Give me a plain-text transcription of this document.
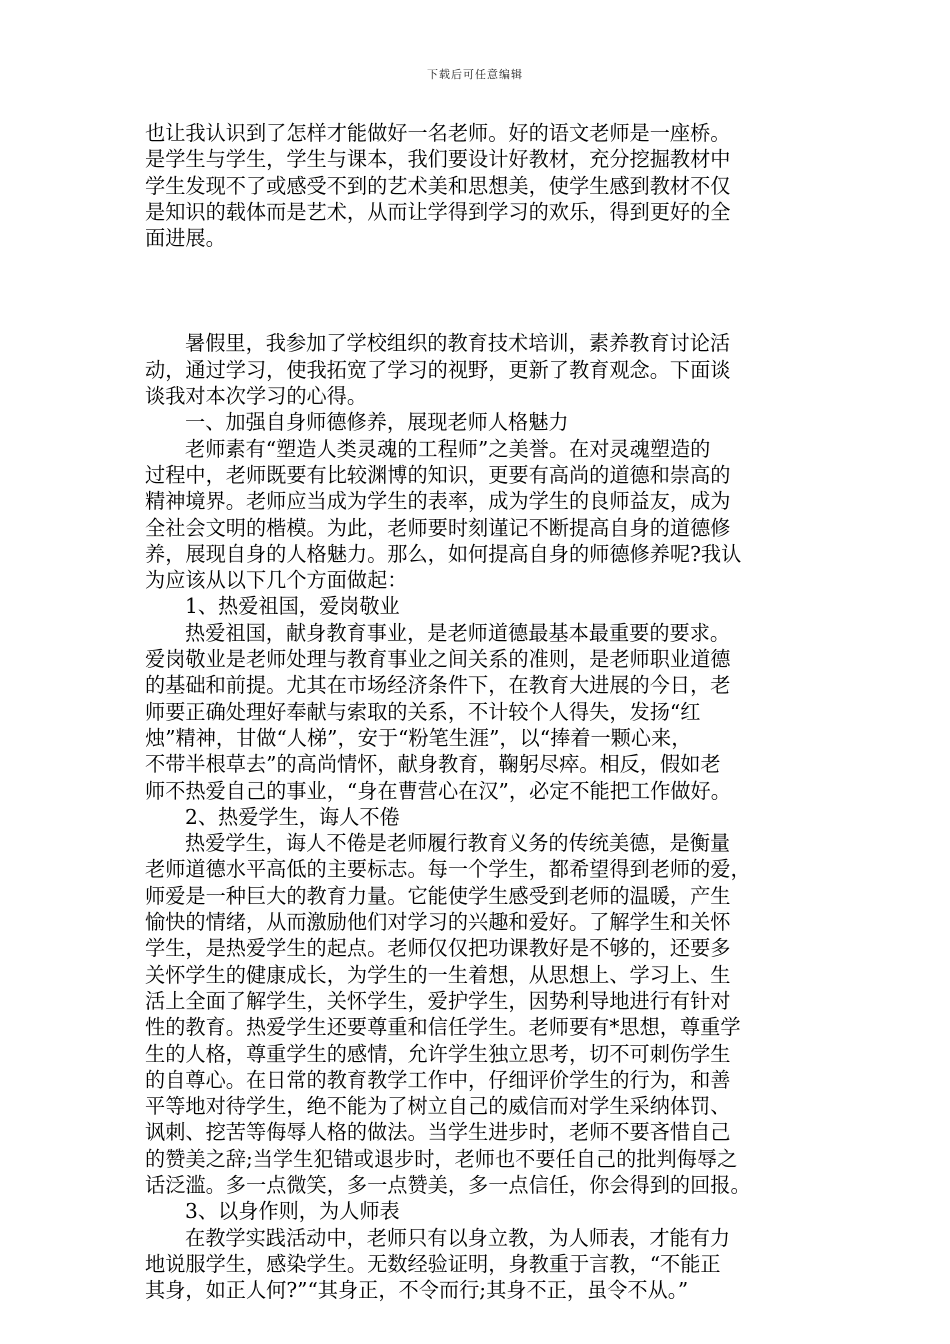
下载后可任意编辑
也让我认识到了怎样才能做好一名老师。好的语文老师是一座桥。
是学生与学生，学生与课本，我们要设计好教材，充分挖掘教材中
学生发现不了或感受不到的艺术美和思想美，使学生感到教材不仅
是知识的载体而是艺术，从而让学得到学习的欢乐，得到更好的全
面进展。
暑假里，我参加了学校组织的教育技术培训，素养教育讨论活
动，通过学习，使我拓宽了学习的视野，更新了教育观念。下面谈
谈我对本次学习的心得。
一、加强自身师德修养，展现老师人格魅力
老师素有“塑造人类灵魂的工程师”之美誉。在对灵魂塑造的
过程中，老师既要有比较渊博的知识，更要有高尚的道德和崇高的
精神境界。老师应当成为学生的表率，成为学生的良师益友，成为
全社会文明的楷模。为此，老师要时刻谨记不断提高自身的道德修
养，展现自身的人格魅力。那么，如何提高自身的师德修养呢?我认
为应该从以下几个方面做起：
1、热爱祖国，爱岗敬业
热爱祖国，献身教育事业，是老师道德最基本最重要的要求。
爱岗敬业是老师处理与教育事业之间关系的准则，是老师职业道德
的基础和前提。尤其在市场经济条件下，在教育大进展的今日，老
师要正确处理好奉献与索取的关系，不计较个人得失，发扬“红
烛”精神，甘做“人梯”，安于“粉笔生涯”，以“捧着一颗心来，
不带半根草去”的高尚情怀，献身教育，鞠躬尽瘁。相反，假如老
师不热爱自己的事业，“身在曹营心在汉”，必定不能把工作做好。
2、热爱学生，诲人不倦
热爱学生，诲人不倦是老师履行教育义务的传统美德，是衡量
老师道德水平高低的主要标志。每一个学生，都希望得到老师的爱，
师爱是一种巨大的教育力量。它能使学生感受到老师的温暖，产生
愉快的情绪，从而激励他们对学习的兴趣和爱好。了解学生和关怀
学生，是热爱学生的起点。老师仅仅把功课教好是不够的，还要多
关怀学生的健康成长，为学生的一生着想，从思想上、学习上、生
活上全面了解学生，关怀学生，爱护学生，因势利导地进行有针对
性的教育。热爱学生还要尊重和信任学生。老师要有*思想，尊重学
生的人格，尊重学生的感情，允许学生独立思考，切不可刺伤学生
的自尊心。在日常的教育教学工作中，仔细评价学生的行为，和善
平等地对待学生，绝不能为了树立自己的威信而对学生采纳体罚、
讽刺、挖苦等侮辱人格的做法。当学生进步时，老师不要吝惜自己
的赞美之辞;当学生犯错或退步时，老师也不要任自己的批判侮辱之
话泛滥。多一点微笑，多一点赞美，多一点信任，你会得到的回报。
3、以身作则，为人师表
在教学实践活动中，老师只有以身立教，为人师表，才能有力
地说服学生，感染学生。无数经验证明，身教重于言教，“不能正
其身，如正人何?”“其身正，不令而行;其身不正，虽令不从。”
